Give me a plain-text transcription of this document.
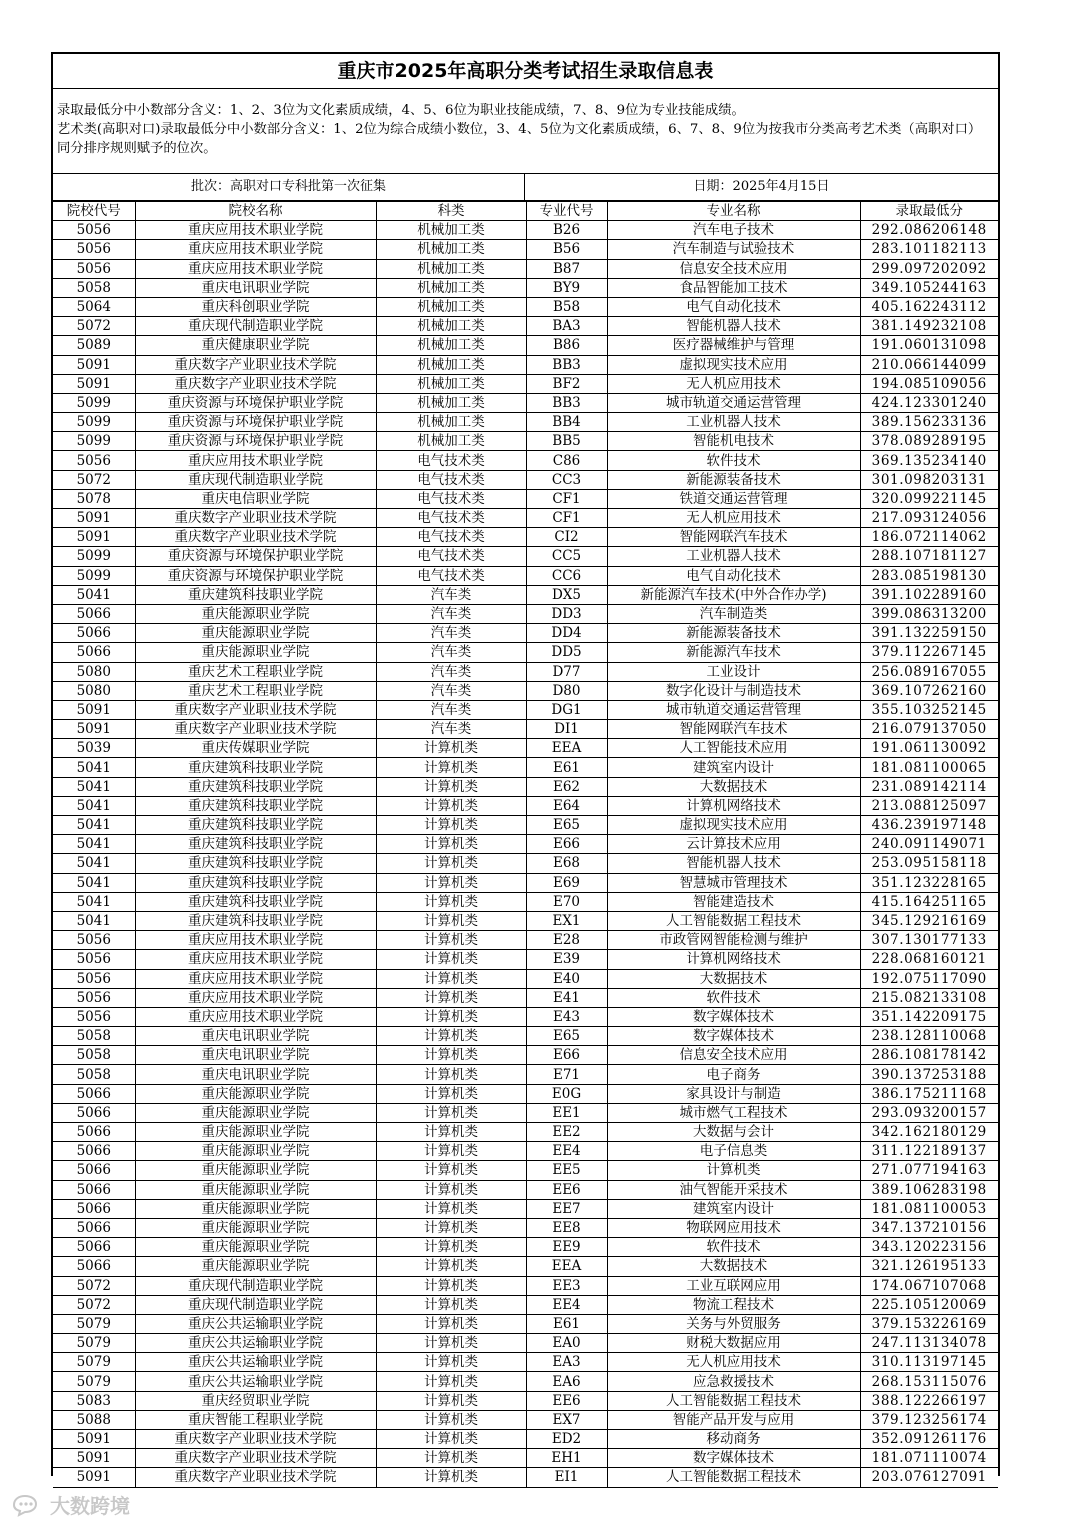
重庆市2025年高职分类考试招生录取信息表
录取最低分中小数部分含义：1、2、3位为文化素质成绩，4、5、6位为职业技能成绩，7、8、9位为专业技能成绩。
艺术类(高职对口)录取最低分中小数部分含义：1、2位为综合成绩小数位，3、4、5位为文化素质成绩，6、7、8、9位为按我市分类高考艺术类（高职对口）同分排序规则赋予的位次。
批次：高职对口专科批第一次征集	日期：2025年4月15日
院校代号	院校名称	科类	专业代号	专业名称	录取最低分
5056	重庆应用技术职业学院	机械加工类	B26	汽车电子技术	292.086206148
5056	重庆应用技术职业学院	机械加工类	B56	汽车制造与试验技术	283.101182113
5056	重庆应用技术职业学院	机械加工类	B87	信息安全技术应用	299.097202092
5058	重庆电讯职业学院	机械加工类	BY9	食品智能加工技术	349.105244163
5064	重庆科创职业学院	机械加工类	B58	电气自动化技术	405.162243112
5072	重庆现代制造职业学院	机械加工类	BA3	智能机器人技术	381.149232108
5089	重庆健康职业学院	机械加工类	B86	医疗器械维护与管理	191.060131098
5091	重庆数字产业职业技术学院	机械加工类	BB3	虚拟现实技术应用	210.066144099
5091	重庆数字产业职业技术学院	机械加工类	BF2	无人机应用技术	194.085109056
5099	重庆资源与环境保护职业学院	机械加工类	BB3	城市轨道交通运营管理	424.123301240
5099	重庆资源与环境保护职业学院	机械加工类	BB4	工业机器人技术	389.156233136
5099	重庆资源与环境保护职业学院	机械加工类	BB5	智能机电技术	378.089289195
5056	重庆应用技术职业学院	电气技术类	C86	软件技术	369.135234140
5072	重庆现代制造职业学院	电气技术类	CC3	新能源装备技术	301.098203131
5078	重庆电信职业学院	电气技术类	CF1	铁道交通运营管理	320.099221145
5091	重庆数字产业职业技术学院	电气技术类	CF1	无人机应用技术	217.093124056
5091	重庆数字产业职业技术学院	电气技术类	CI2	智能网联汽车技术	186.072114062
5099	重庆资源与环境保护职业学院	电气技术类	CC5	工业机器人技术	288.107181127
5099	重庆资源与环境保护职业学院	电气技术类	CC6	电气自动化技术	283.085198130
5041	重庆建筑科技职业学院	汽车类	DX5	新能源汽车技术(中外合作办学)	391.102289160
5066	重庆能源职业学院	汽车类	DD3	汽车制造类	399.086313200
5066	重庆能源职业学院	汽车类	DD4	新能源装备技术	391.132259150
5066	重庆能源职业学院	汽车类	DD5	新能源汽车技术	379.112267145
5080	重庆艺术工程职业学院	汽车类	D77	工业设计	256.089167055
5080	重庆艺术工程职业学院	汽车类	D80	数字化设计与制造技术	369.107262160
5091	重庆数字产业职业技术学院	汽车类	DG1	城市轨道交通运营管理	355.103252145
5091	重庆数字产业职业技术学院	汽车类	DI1	智能网联汽车技术	216.079137050
5039	重庆传媒职业学院	计算机类	EEA	人工智能技术应用	191.061130092
5041	重庆建筑科技职业学院	计算机类	E61	建筑室内设计	181.081100065
5041	重庆建筑科技职业学院	计算机类	E62	大数据技术	231.089142114
5041	重庆建筑科技职业学院	计算机类	E64	计算机网络技术	213.088125097
5041	重庆建筑科技职业学院	计算机类	E65	虚拟现实技术应用	436.239197148
5041	重庆建筑科技职业学院	计算机类	E66	云计算技术应用	240.091149071
5041	重庆建筑科技职业学院	计算机类	E68	智能机器人技术	253.095158118
5041	重庆建筑科技职业学院	计算机类	E69	智慧城市管理技术	351.123228165
5041	重庆建筑科技职业学院	计算机类	E70	智能建造技术	415.164251165
5041	重庆建筑科技职业学院	计算机类	EX1	人工智能数据工程技术	345.129216169
5056	重庆应用技术职业学院	计算机类	E28	市政管网智能检测与维护	307.130177133
5056	重庆应用技术职业学院	计算机类	E39	计算机网络技术	228.068160121
5056	重庆应用技术职业学院	计算机类	E40	大数据技术	192.075117090
5056	重庆应用技术职业学院	计算机类	E41	软件技术	215.082133108
5056	重庆应用技术职业学院	计算机类	E43	数字媒体技术	351.142209175
5058	重庆电讯职业学院	计算机类	E65	数字媒体技术	238.128110068
5058	重庆电讯职业学院	计算机类	E66	信息安全技术应用	286.108178142
5058	重庆电讯职业学院	计算机类	E71	电子商务	390.137253188
5066	重庆能源职业学院	计算机类	E0G	家具设计与制造	386.175211168
5066	重庆能源职业学院	计算机类	EE1	城市燃气工程技术	293.093200157
5066	重庆能源职业学院	计算机类	EE2	大数据与会计	342.162180129
5066	重庆能源职业学院	计算机类	EE4	电子信息类	311.122189137
5066	重庆能源职业学院	计算机类	EE5	计算机类	271.077194163
5066	重庆能源职业学院	计算机类	EE6	油气智能开采技术	389.106283198
5066	重庆能源职业学院	计算机类	EE7	建筑室内设计	181.081100053
5066	重庆能源职业学院	计算机类	EE8	物联网应用技术	347.137210156
5066	重庆能源职业学院	计算机类	EE9	软件技术	343.120223156
5066	重庆能源职业学院	计算机类	EEA	大数据技术	321.126195133
5072	重庆现代制造职业学院	计算机类	EE3	工业互联网应用	174.067107068
5072	重庆现代制造职业学院	计算机类	EE4	物流工程技术	225.105120069
5079	重庆公共运输职业学院	计算机类	E61	关务与外贸服务	379.153226169
5079	重庆公共运输职业学院	计算机类	EA0	财税大数据应用	247.113134078
5079	重庆公共运输职业学院	计算机类	EA3	无人机应用技术	310.113197145
5079	重庆公共运输职业学院	计算机类	EA6	应急救援技术	268.153115076
5083	重庆经贸职业学院	计算机类	EE6	人工智能数据工程技术	388.122266197
5088	重庆智能工程职业学院	计算机类	EX7	智能产品开发与应用	379.123256174
5091	重庆数字产业职业技术学院	计算机类	ED2	移动商务	352.091261176
5091	重庆数字产业职业技术学院	计算机类	EH1	数字媒体技术	181.071110074
5091	重庆数字产业职业技术学院	计算机类	EI1	人工智能数据工程技术	203.076127091
大数跨境
